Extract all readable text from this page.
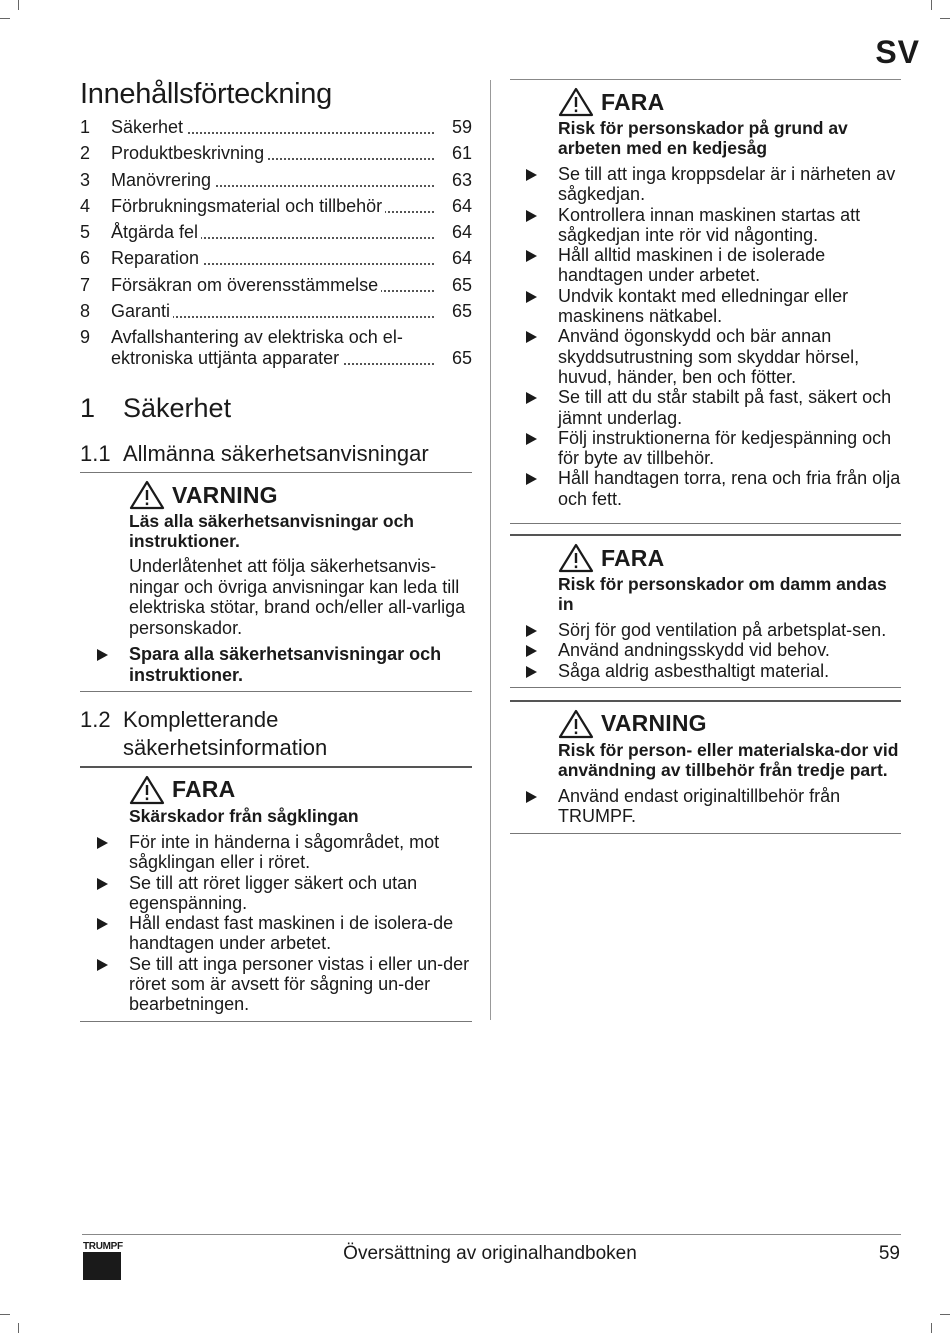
SV
Innehållsförteckning
1	Säkerhet	59
2	Produktbeskrivning	61
3	Manövrering	63
4	Förbrukningsmaterial och tillbehör	64
5	Åtgärda fel	64
6	Reparation	64
7	Försäkran om överensstämmelse	65
8	Garanti	65
9	Avfallshantering av elektriska och el-
ektroniska uttjänta apparater	65
1	Säkerhet
1.1 Allmänna säkerhetsanvisningar
VARNING
Läs alla säkerhetsanvisningar och instruktioner.
Underlåtenhet att följa säkerhetsanvis-ningar och övriga anvisningar kan leda till elektriska stötar, brand och/eller all-varliga personskador.
Spara alla säkerhetsanvisningar och instruktioner.
1.2 Kompletterande
säkerhetsinformation
FARA
Skärskador från sågklingan
För inte in händerna i sågområdet, mot sågklingan eller i röret.
Se till att röret ligger säkert och utan egenspänning.
Håll endast fast maskinen i de isolera-de handtagen under arbetet.
Se till att inga personer vistas i eller un-der röret som är avsett för sågning un-der bearbetningen.
FARA
Risk för personskador på grund av arbeten med en kedjesåg
Se till att inga kroppsdelar är i närheten av sågkedjan.
Kontrollera innan maskinen startas att sågkedjan inte rör vid någonting.
Håll alltid maskinen i de isolerade handtagen under arbetet.
Undvik kontakt med elledningar eller maskinens nätkabel.
Använd ögonskydd och bär annan skyddsutrustning som skyddar hörsel, huvud, händer, ben och fötter.
Se till att du står stabilt på fast, säkert och jämnt underlag.
Följ instruktionerna för kedjespänning och för byte av tillbehör.
Håll handtagen torra, rena och fria från olja och fett.
FARA
Risk för personskador om damm andas in
Sörj för god ventilation på arbetsplat-sen.
Använd andningsskydd vid behov.
Såga aldrig asbesthaltigt material.
VARNING
Risk för person- eller materialska-dor vid användning av tillbehör från tredje part.
Använd endast originaltillbehör från TRUMPF.
TRUMPF	Översättning av originalhandboken	59
